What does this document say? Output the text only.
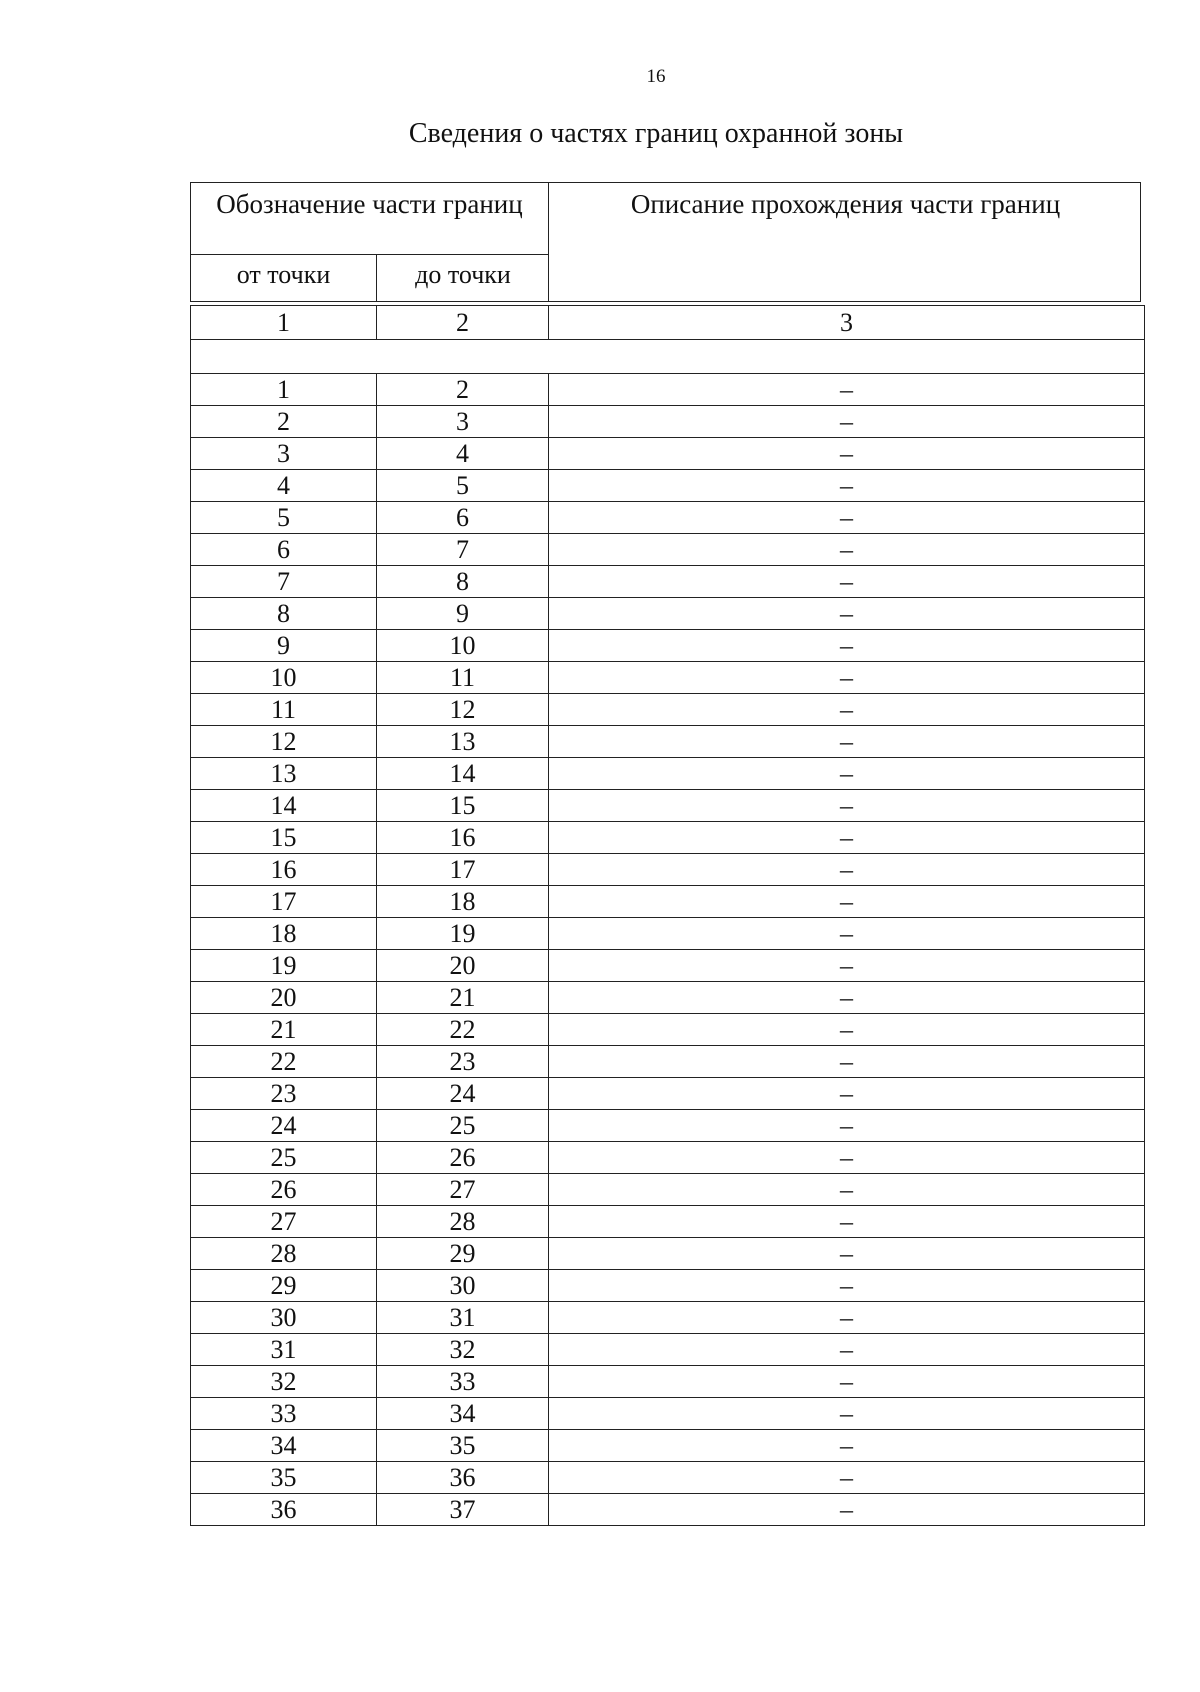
16
Сведения о частях границ охранной зоны
Обозначение части границ
от точки	до точки
Описание прохождения части границ
1	2	3

1	2	–
2	3	–
3	4	–
4	5	–
5	6	–
6	7	–
7	8	–
8	9	–
9	10	–
10	11	–
11	12	–
12	13	–
13	14	–
14	15	–
15	16	–
16	17	–
17	18	–
18	19	–
19	20	–
20	21	–
21	22	–
22	23	–
23	24	–
24	25	–
25	26	–
26	27	–
27	28	–
28	29	–
29	30	–
30	31	–
31	32	–
32	33	–
33	34	–
34	35	–
35	36	–
36	37	–
